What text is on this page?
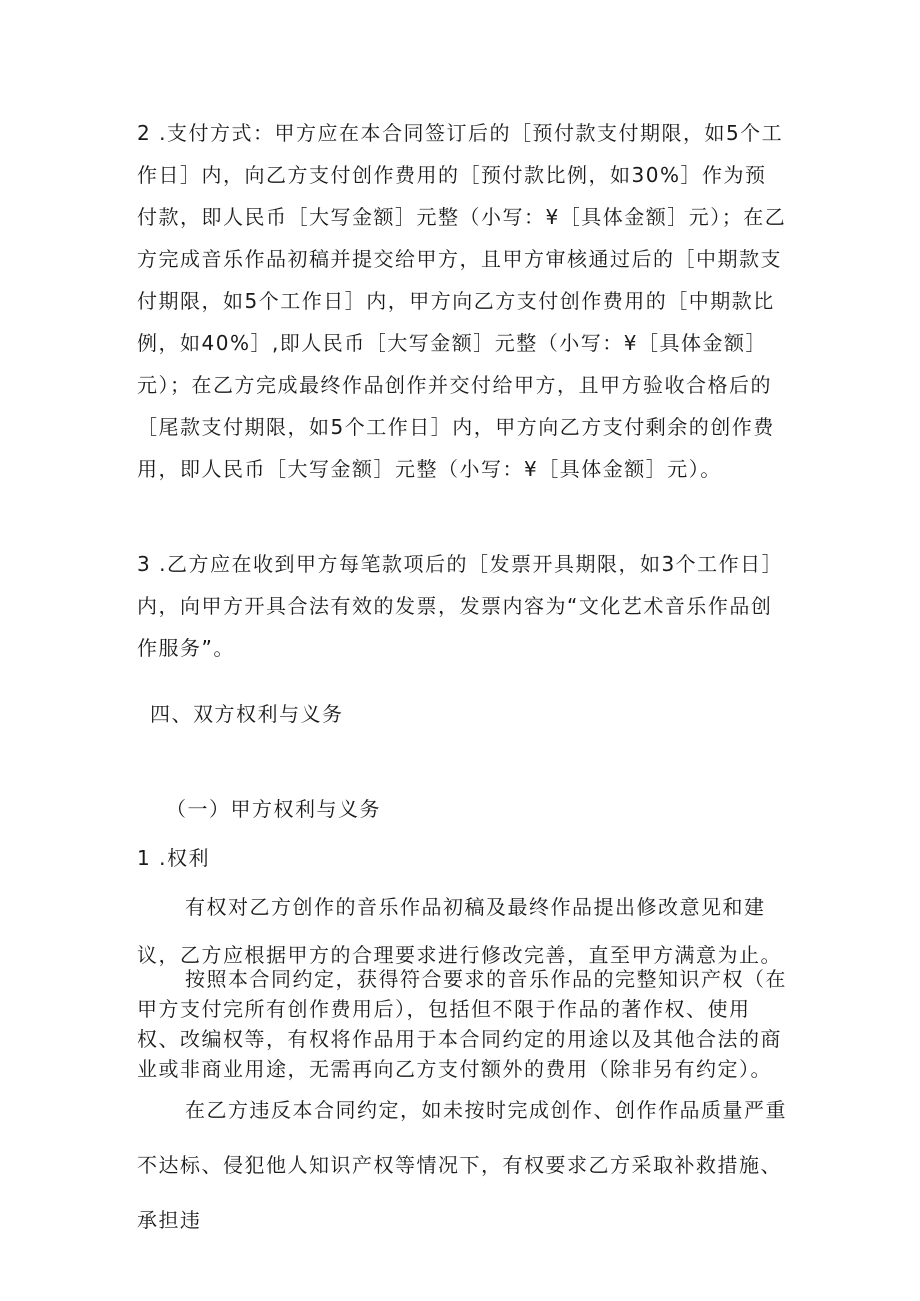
2 .支付方式：甲方应在本合同签订后的［预付款支付期限，如5个工作日］内，向乙方支付创作费用的［预付款比例，如30%］作为预付款，即人民币［大写金额］元整（小写：¥［具体金额］元）；在乙方完成音乐作品初稿并提交给甲方，且甲方审核通过后的［中期款支付期限，如5个工作日］内，甲方向乙方支付创作费用的［中期款比例，如40%］,即人民币［大写金额］元整（小写：¥［具体金额］元）；在乙方完成最终作品创作并交付给甲方，且甲方验收合格后的［尾款支付期限，如5个工作日］内，甲方向乙方支付剩余的创作费用，即人民币［大写金额］元整（小写：¥［具体金额］元）。

3 .乙方应在收到甲方每笔款项后的［发票开具期限，如3个工作日］内，向甲方开具合法有效的发票，发票内容为“文化艺术音乐作品创作服务”。

四、双方权利与义务

（一）甲方权利与义务

1 .权利

有权对乙方创作的音乐作品初稿及最终作品提出修改意见和建议，乙方应根据甲方的合理要求进行修改完善，直至甲方满意为止。

按照本合同约定，获得符合要求的音乐作品的完整知识产权（在甲方支付完所有创作费用后），包括但不限于作品的著作权、使用权、改编权等，有权将作品用于本合同约定的用途以及其他合法的商业或非商业用途，无需再向乙方支付额外的费用（除非另有约定）。

在乙方违反本合同约定，如未按时完成创作、创作作品质量严重不达标、侵犯他人知识产权等情况下，有权要求乙方采取补救措施、承担违
